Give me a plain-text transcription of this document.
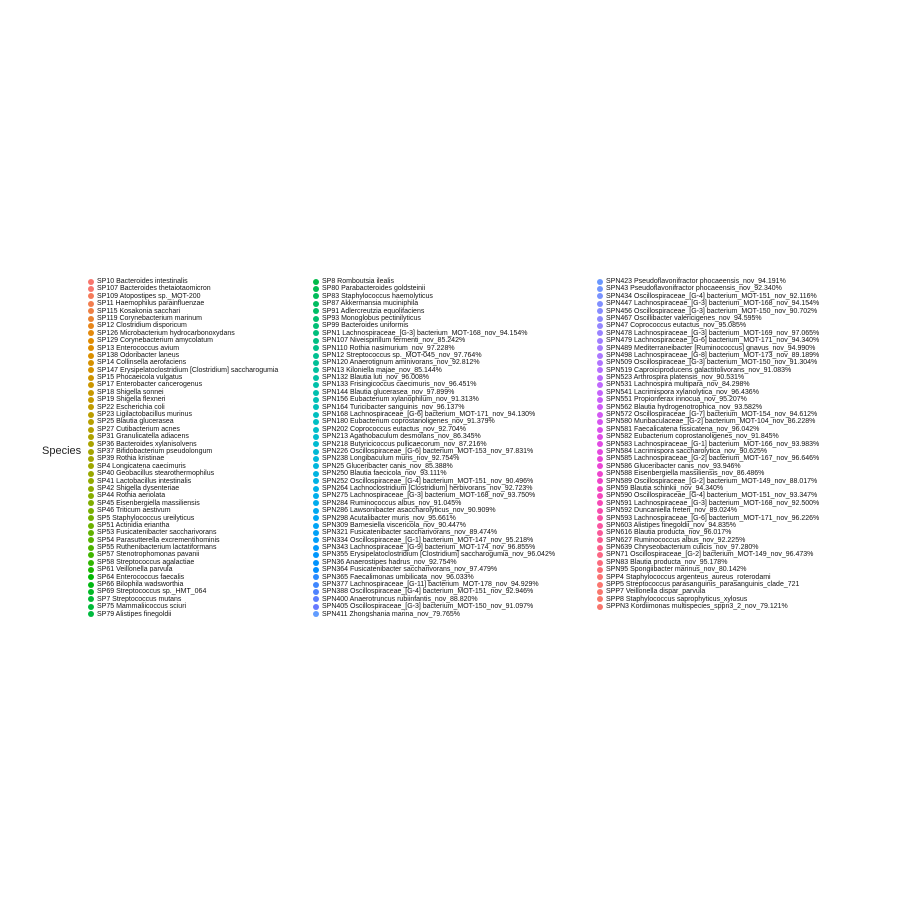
Species
SP10 Bacteroides intestinalis
SP107 Bacteroides thetaiotaomicron
SP109 Atopostipes sp._MOT-200
SP11 Haemophilus parainfluenzae
SP115 Kosakonia sacchari
SP119 Corynebacterium marinum
SP12 Clostridium disporicum
SP126 Microbacterium hydrocarbonoxydans
SP129 Corynebacterium amycolatum
SP13 Enterococcus avium
SP138 Odoribacter laneus
SP14 Collinsella aerofaciens
SP147 Erysipelatoclostridium [Clostridium] saccharogumia
SP15 Phocaeicola vulgatus
SP17 Enterobacter cancerogenus
SP18 Shigella sonnei
SP19 Shigella flexneri
SP22 Escherichia coli
SP23 Ligilactobacillus murinus
SP25 Blautia glucerasea
SP27 Cutibacterium acnes
SP31 Granulicatella adiacens
SP36 Bacteroides xylanisolvens
SP37 Bifidobacterium pseudolongum
SP39 Rothia kristinae
SP4 Longicatena caecimuris
SP40 Geobacillus stearothermophilus
SP41 Lactobacillus intestinalis
SP42 Shigella dysenteriae
SP44 Rothia aeriolata
SP45 Eisenbergiella massiliensis
SP46 Triticum aestivum
SP5 Staphylococcus ureilyticus
SP51 Actinidia eriantha
SP53 Fusicatenibacter saccharivorans
SP54 Parasutterella excrementihominis
SP55 Ruthenibacterium lactatiformans
SP57 Stenotrophomonas pavanii
SP58 Streptococcus agalactiae
SP61 Veillonella parvula
SP64 Enterococcus faecalis
SP66 Bilophila wadsworthia
SP69 Streptococcus sp._HMT_064
SP7 Streptococcus mutans
SP75 Mammaliicoccus sciuri
SP79 Alistipes finegoldii
SP8 Romboutsia ilealis
SP80 Parabacteroides goldsteinii
SP83 Staphylococcus haemolyticus
SP87 Akkermansia muciniphila
SP91 Adlercreutzia equolifaciens
SP93 Monoglobus pectinilyticus
SP99 Bacteroides uniformis
SPN1 Lachnospiraceae_[G-3] bacterium_MOT-168_nov_94.154%
SPN107 Niveispirillum fermenti_nov_85.242%
SPN110 Rothia nasimurium_nov_97.228%
SPN12 Streptococcus sp._MOT-045_nov_97.764%
SPN120 Anaerotignum aminivorans_nov_92.812%
SPN13 Kiloniella majae_nov_85.144%
SPN132 Blautia luti_nov_96.008%
SPN133 Frisingicoccus caecimuris_nov_96.451%
SPN144 Blautia glucerasea_nov_97.899%
SPN156 Eubacterium xylanophilum_nov_91.313%
SPN164 Turicibacter sanguinis_nov_96.137%
SPN168 Lachnospiraceae_[G-6] bacterium_MOT-171_nov_94.130%
SPN180 Eubacterium coprostanoligenes_nov_91.379%
SPN202 Coprococcus eutactus_nov_92.704%
SPN213 Agathobaculum desmolans_nov_86.345%
SPN218 Butyricicoccus pullicaecorum_nov_87.216%
SPN226 Oscillospiraceae_[G-6] bacterium_MOT-153_nov_97.831%
SPN238 Longibaculum muris_nov_92.754%
SPN25 Gluceribacter canis_nov_85.388%
SPN250 Blautia faecicola_nov_93.111%
SPN252 Oscillospiraceae_[G-4] bacterium_MOT-151_nov_90.496%
SPN264 Lachnoclostridium [Clostridium] herbivorans_nov_92.723%
SPN275 Lachnospiraceae_[G-3] bacterium_MOT-168_nov_93.750%
SPN284 Ruminococcus albus_nov_91.045%
SPN286 Lawsonibacter asaccharolyticus_nov_90.909%
SPN298 Acutalibacter muris_nov_95.661%
SPN309 Barnesiella viscericola_nov_90.447%
SPN321 Fusicatenibacter saccharivorans_nov_89.474%
SPN334 Oscillospiraceae_[G-1] bacterium_MOT-147_nov_95.218%
SPN343 Lachnospiraceae_[G-9] bacterium_MOT-174_nov_96.855%
SPN355 Erysipelatoclostridium [Clostridium] saccharogumia_nov_96.042%
SPN36 Anaerostipes hadrus_nov_92.754%
SPN364 Fusicatenibacter saccharivorans_nov_97.479%
SPN365 Faecalimonas umbilicata_nov_96.033%
SPN377 Lachnospiraceae_[G-11] bacterium_MOT-178_nov_94.929%
SPN388 Oscillospiraceae_[G-4] bacterium_MOT-151_nov_92.946%
SPN400 Anaerotruncus rubiinfantis_nov_88.820%
SPN405 Oscillospiraceae_[G-3] bacterium_MOT-150_nov_91.097%
SPN411 Zhongshania marina_nov_79.765%
SPN423 Pseudoflavonifractor phocaeensis_nov_94.191%
SPN43 Pseudoflavonifractor phocaeensis_nov_92.340%
SPN434 Oscillospiraceae_[G-4] bacterium_MOT-151_nov_92.116%
SPN447 Lachnospiraceae_[G-3] bacterium_MOT-168_nov_94.154%
SPN456 Oscillospiraceae_[G-3] bacterium_MOT-150_nov_90.702%
SPN467 Oscillibacter valericigenes_nov_94.595%
SPN47 Coprococcus eutactus_nov_95.085%
SPN478 Lachnospiraceae_[G-3] bacterium_MOT-169_nov_97.065%
SPN479 Lachnospiraceae_[G-6] bacterium_MOT-171_nov_94.340%
SPN489 Mediterraneibacter [Ruminococcus] gnavus_nov_94.990%
SPN498 Lachnospiraceae_[G-8] bacterium_MOT-173_nov_89.189%
SPN509 Oscillospiraceae_[G-3] bacterium_MOT-150_nov_91.304%
SPN519 Caproiciproducens galactitolivorans_nov_91.083%
SPN523 Arthrospira platensis_nov_90.531%
SPN531 Lachnospira multipara_nov_84.298%
SPN541 Lacrimispora xylanolytica_nov_96.436%
SPN551 Propionferax innocua_nov_95.207%
SPN562 Blautia hydrogenotrophica_nov_93.582%
SPN572 Oscillospiraceae_[G-7] bacterium_MOT-154_nov_94.612%
SPN580 Muribaculaceae_[G-2] bacterium_MOT-104_nov_86.228%
SPN581 Faecalicatena fissicatena_nov_96.042%
SPN582 Eubacterium coprostanoligenes_nov_91.845%
SPN583 Lachnospiraceae_[G-1] bacterium_MOT-166_nov_93.983%
SPN584 Lacrimispora saccharolytica_nov_90.625%
SPN585 Lachnospiraceae_[G-2] bacterium_MOT-167_nov_96.646%
SPN586 Gluceribacter canis_nov_93.946%
SPN588 Eisenbergiella massiliensis_nov_86.486%
SPN589 Oscillospiraceae_[G-2] bacterium_MOT-149_nov_88.017%
SPN59 Blautia schinkii_nov_94.340%
SPN590 Oscillospiraceae_[G-4] bacterium_MOT-151_nov_93.347%
SPN591 Lachnospiraceae_[G-3] bacterium_MOT-168_nov_92.500%
SPN592 Duncaniella freteri_nov_89.024%
SPN593 Lachnospiraceae_[G-6] bacterium_MOT-171_nov_96.226%
SPN603 Alistipes finegoldii_nov_94.835%
SPN616 Blautia producta_nov_96.017%
SPN627 Ruminococcus albus_nov_92.225%
SPN639 Chryseobacterium culicis_nov_97.280%
SPN71 Oscillospiraceae_[G-2] bacterium_MOT-149_nov_96.473%
SPN83 Blautia producta_nov_95.178%
SPN95 Spongiibacter marinus_nov_80.142%
SPP4 Staphylococcus argenteus_aureus_roterodami
SPP5 Streptococcus parasanguinis_parasanguinis_clade_721
SPP7 Veillonella dispar_parvula
SPP8 Staphylococcus saprophyticus_xylosus
SPPN3 Kordiimonas multispecies_sppn3_2_nov_79.121%
